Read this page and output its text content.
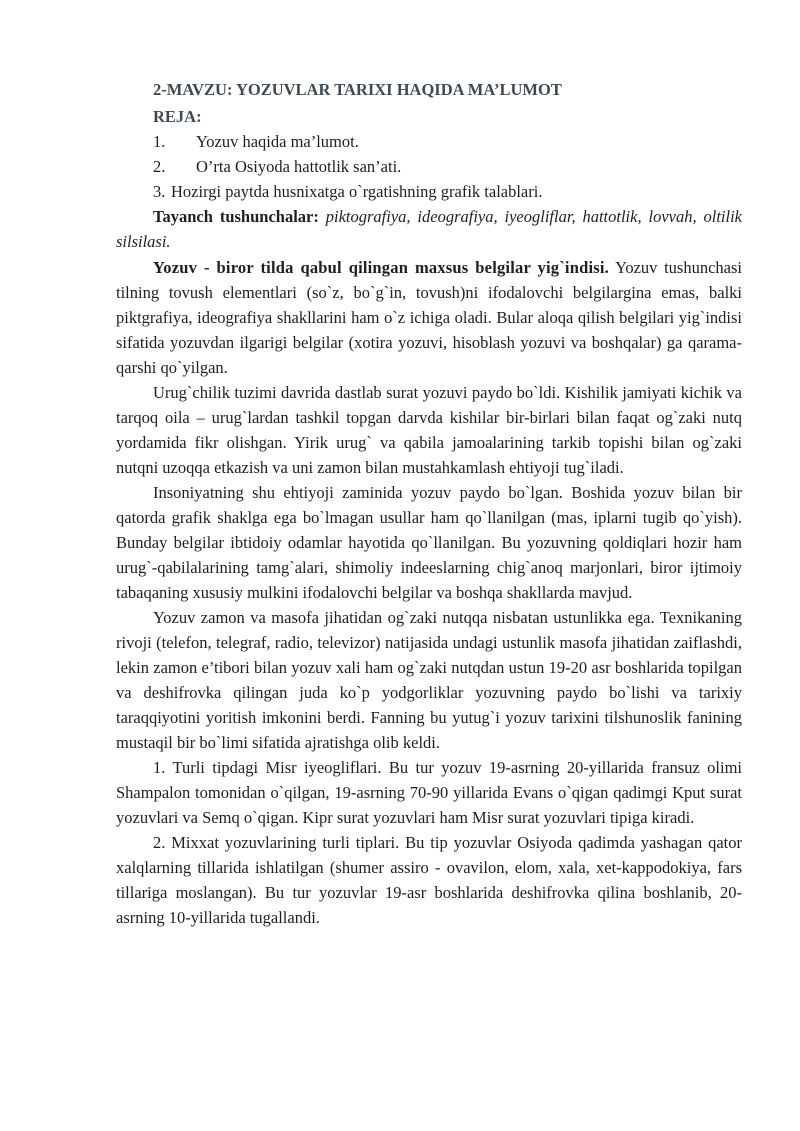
2-MAVZU: YOZUVLAR TARIXI HAQIDA MA’LUMOT

REJA:

1.	Yozuv haqida ma’lumot.
2.	O’rta Osiyoda hattotlik san’ati.
3. Hozirgi paytda husnixatga o`rgatishning grafik talablari.

Tayanch tushunchalar: piktografiya, ideografiya, iyeogliflar, hattotlik, lovvah, oltilik silsilasi.

Yozuv - biror tilda qabul qilingan maxsus belgilar yig`indisi. Yozuv tushunchasi tilning tovush elementlari (so`z, bo`g`in, tovush)ni ifodalovchi belgilargina emas, balki piktgrafiya, ideografiya shakllarini ham o`z ichiga oladi. Bular aloqa qilish belgilari yig`indisi sifatida yozuvdan ilgarigi belgilar (xotira yozuvi, hisoblash yozuvi va boshqalar) ga qarama-qarshi qo`yilgan.

Urug`chilik tuzimi davrida dastlab surat yozuvi paydo bo`ldi. Kishilik jamiyati kichik va tarqoq oila – urug`lardan tashkil topgan darvda kishilar bir-birlari bilan faqat og`zaki nutq yordamida fikr olishgan. Yirik urug` va qabila jamoalarining tarkib topishi bilan og`zaki nutqni uzoqqa etkazish va uni zamon bilan mustahkamlash ehtiyoji tug`iladi.

Insoniyatning shu ehtiyoji zaminida yozuv paydo bo`lgan. Boshida yozuv bilan bir qatorda grafik shaklga ega bo`lmagan usullar ham qo`llanilgan (mas, iplarni tugib qo`yish). Bunday belgilar ibtidoiy odamlar hayotida qo`llanilgan. Bu yozuvning qoldiqlari hozir ham urug`-qabilalarining tamg`alari, shimoliy indeeslarning chig`anoq marjonlari, biror ijtimoiy tabaqaning xususiy mulkini ifodalovchi belgilar va boshqa shakllarda mavjud.

Yozuv zamon va masofa jihatidan og`zaki nutqqa nisbatan ustunlikka ega. Texnikaning rivoji (telefon, telegraf, radio, televizor) natijasida undagi ustunlik masofa jihatidan zaiflashdi, lekin zamon e’tibori bilan yozuv xali ham og`zaki nutqdan ustun 19-20 asr boshlarida topilgan va deshifrovka qilingan juda ko`p yodgorliklar yozuvning paydo bo`lishi va tarixiy taraqqiyotini yoritish imkonini berdi. Fanning bu yutug`i yozuv tarixini tilshunoslik fanining mustaqil bir bo`limi sifatida ajratishga olib keldi.

1. Turli tipdagi Misr iyeogliflari. Bu tur yozuv 19-asrning 20-yillarida fransuz olimi Shampalon tomonidan o`qilgan, 19-asrning 70-90 yillarida Evans o`qigan qadimgi Kput surat yozuvlari va Semq o`qigan. Kipr surat yozuvlari ham Misr surat yozuvlari tipiga kiradi.

2. Mixxat yozuvlarining turli tiplari. Bu tip yozuvlar Osiyoda qadimda yashagan qator xalqlarning tillarida ishlatilgan (shumer assiro - ovavilon, elom, xala, xet-kappodokiya, fars tillariga moslangan). Bu tur yozuvlar 19-asr boshlarida deshifrovka qilina boshlanib, 20-asrning 10-yillarida tugallandi.
